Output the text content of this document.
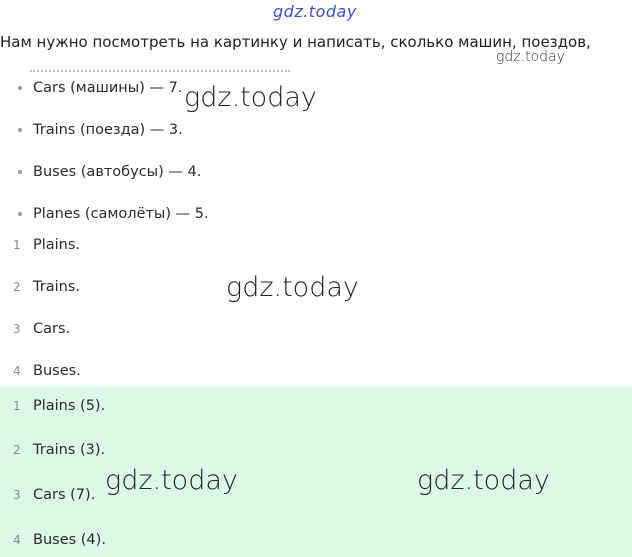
gdz.today
Нам нужно посмотреть на картинку и написать, сколько машин, поездов,
gdz.today
Cars (машины) — 7.
Trains (поезда) — 3.
Buses (автобусы) — 4.
Planes (самолёты) — 5.
1 Plains.
2 Trains.
3 Cars.
4 Buses.
1 Plains (5).
2 Trains (3).
3 Cars (7).
4 Buses (4).
gdz.today
gdz.today
gdz.today	gdz.today
